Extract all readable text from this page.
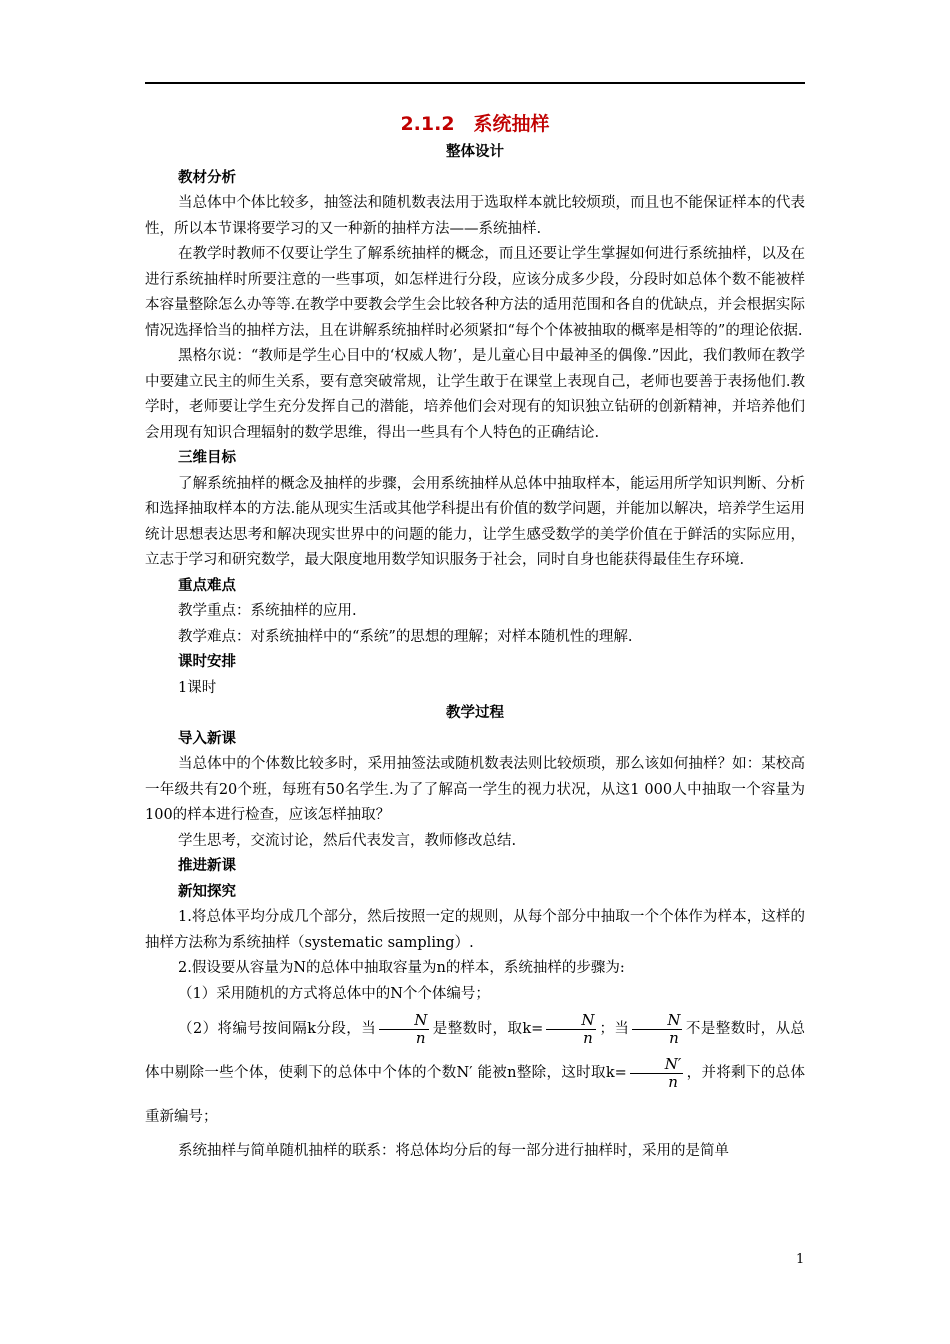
2.1.2　系统抽样
整体设计
教材分析

当总体中个体比较多，抽签法和随机数表法用于选取样本就比较烦琐，而且也不能保证样本的代表性，所以本节课将要学习的又一种新的抽样方法——系统抽样.

在教学时教师不仅要让学生了解系统抽样的概念，而且还要让学生掌握如何进行系统抽样，以及在进行系统抽样时所要注意的一些事项，如怎样进行分段，应该分成多少段，分段时如总体个数不能被样本容量整除怎么办等等.在教学中要教会学生会比较各种方法的适用范围和各自的优缺点，并会根据实际情况选择恰当的抽样方法，且在讲解系统抽样时必须紧扣“每个个体被抽取的概率是相等的”的理论依据.

黑格尔说：“教师是学生心目中的‘权威人物’，是儿童心目中最神圣的偶像.”因此，我们教师在教学中要建立民主的师生关系，要有意突破常规，让学生敢于在课堂上表现自己，老师也要善于表扬他们.教学时，老师要让学生充分发挥自己的潜能，培养他们会对现有的知识独立钻研的创新精神，并培养他们会用现有知识合理辐射的数学思维，得出一些具有个人特色的正确结论.

三维目标

了解系统抽样的概念及抽样的步骤，会用系统抽样从总体中抽取样本，能运用所学知识判断、分析和选择抽取样本的方法.能从现实生活或其他学科提出有价值的数学问题，并能加以解决，培养学生运用统计思想表达思考和解决现实世界中的问题的能力，让学生感受数学的美学价值在于鲜活的实际应用，立志于学习和研究数学，最大限度地用数学知识服务于社会，同时自身也能获得最佳生存环境.

重点难点

教学重点：系统抽样的应用.

教学难点：对系统抽样中的“系统”的思想的理解；对样本随机性的理解.

课时安排

1课时

教学过程
导入新课

当总体中的个体数比较多时，采用抽签法或随机数表法则比较烦琐，那么该如何抽样？如：某校高一年级共有20个班，每班有50名学生.为了了解高一学生的视力状况，从这1 000人中抽取一个容量为100的样本进行检查，应该怎样抽取？

学生思考，交流讨论，然后代表发言，教师修改总结.

推进新课
新知探究

1.将总体平均分成几个部分，然后按照一定的规则，从每个部分中抽取一个个体作为样本，这样的抽样方法称为系统抽样（systematic sampling）.

2.假设要从容量为N的总体中抽取容量为n的样本，系统抽样的步骤为:

（1）采用随机的方式将总体中的N个个体编号；

（2）将编号按间隔k分段，当 $\frac{N}{n}$ 是整数时，取$k= \frac{N}{n}$ ；当 $\frac{N}{n}$ 不是整数时，从总体中剔除一些个体，使剩下的总体中个体的个数N′ 能被n整除，这时取$k= \frac{N'}{n}$ ，并将剩下的总体重新编号；

系统抽样与简单随机抽样的联系：将总体均分后的每一部分进行抽样时，采用的是简单

1
